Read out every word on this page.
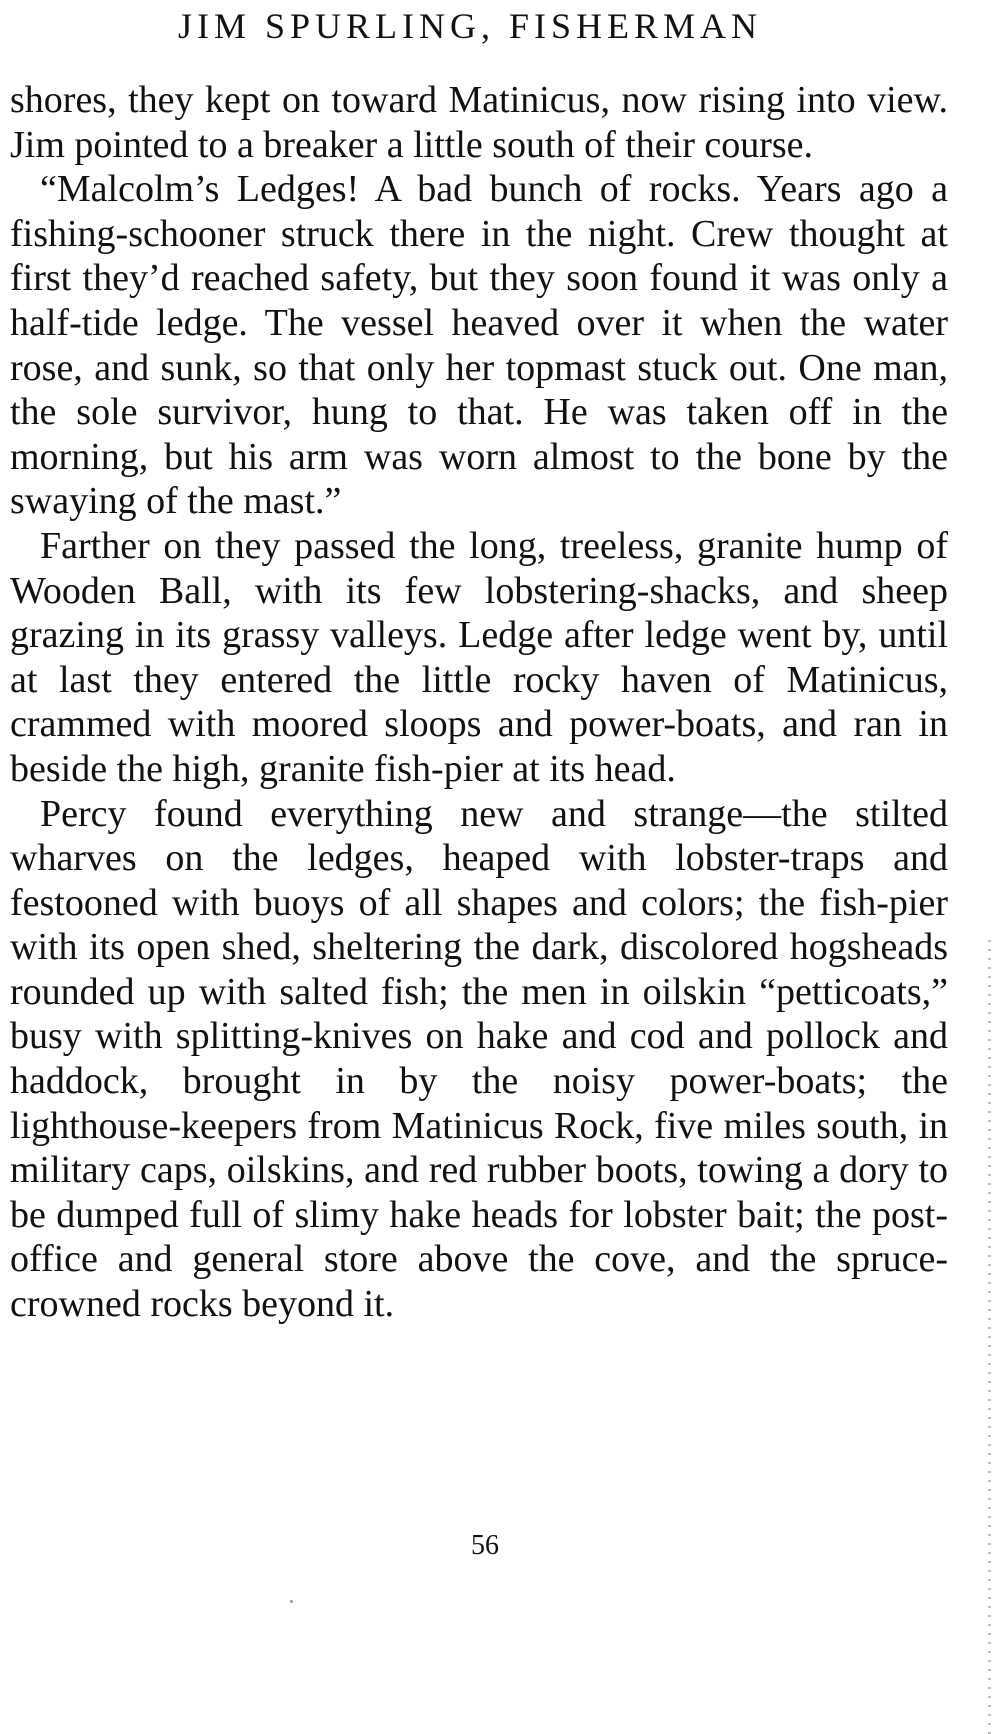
JIM SPURLING, FISHERMAN

shores, they kept on toward Matinicus, now rising into view. Jim pointed to a breaker a little south of their course.

“Malcolm’s Ledges! A bad bunch of rocks. Years ago a fishing-schooner struck there in the night. Crew thought at first they’d reached safety, but they soon found it was only a half-tide ledge. The vessel heaved over it when the water rose, and sunk, so that only her topmast stuck out. One man, the sole survivor, hung to that. He was taken off in the morning, but his arm was worn almost to the bone by the swaying of the mast.”

Farther on they passed the long, treeless, granite hump of Wooden Ball, with its few lobstering-shacks, and sheep grazing in its grassy valleys. Ledge after ledge went by, until at last they entered the little rocky haven of Matinicus, crammed with moored sloops and power-boats, and ran in beside the high, granite fish-pier at its head.

Percy found everything new and strange—the stilted wharves on the ledges, heaped with lobster-traps and festooned with buoys of all shapes and colors; the fish-pier with its open shed, sheltering the dark, discolored hogsheads rounded up with salted fish; the men in oilskin “petticoats,” busy with splitting-knives on hake and cod and pollock and haddock, brought in by the noisy power-boats; the lighthouse-keepers from Matinicus Rock, five miles south, in military caps, oilskins, and red rubber boots, towing a dory to be dumped full of slimy hake heads for lobster bait; the post-office and general store above the cove, and the spruce-crowned rocks beyond it.

56
